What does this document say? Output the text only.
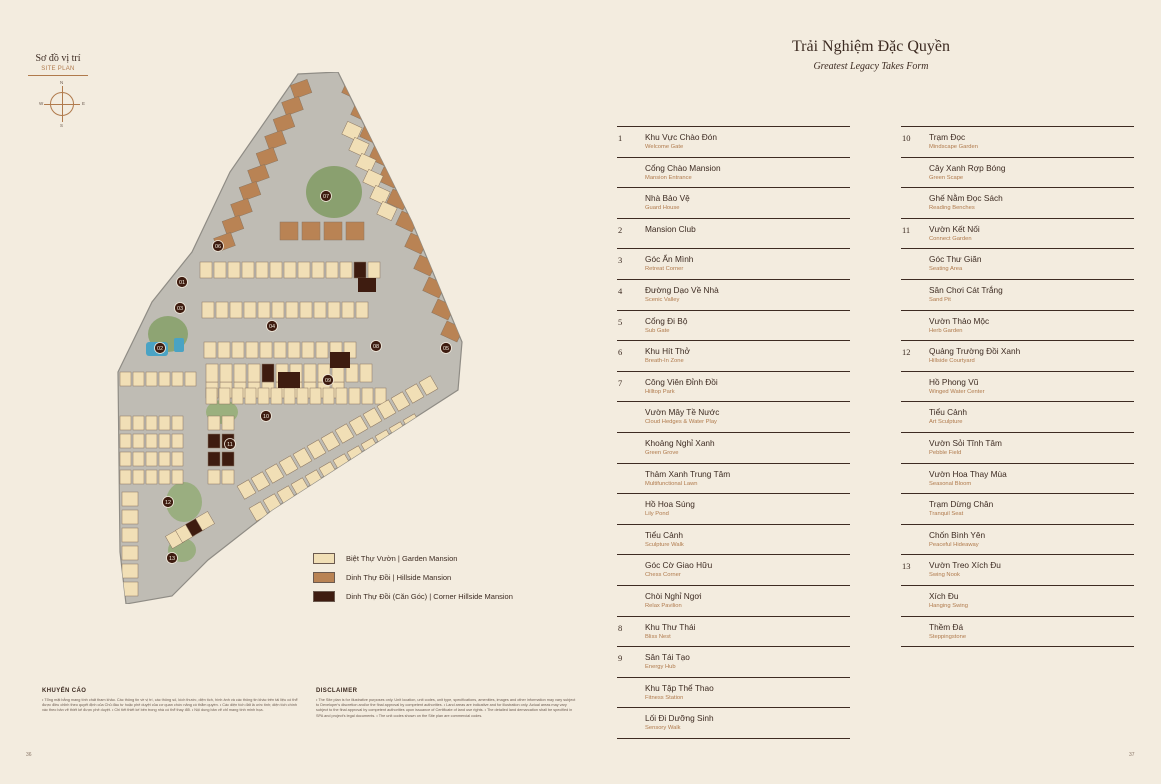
Sơ đồ vị trí
SITE PLAN
N
S
W	E
01
02
03
04
05
06
07
08
09
10
11
12
13	Biệt Thự Vườn | Garden Mansion
Dinh Thự Đồi | Hillside Mansion
Dinh Thự Đồi (Căn Góc) | Corner Hillside Mansion
KHUYẾN CÁO

• Tổng mặt bằng mang tính chất tham khảo. Các thông tin về vị trí, các thông số, kích thước, diện tích, hình ảnh và các thông tin khác trên tài liệu có thể được điều chỉnh theo quyết định của Chủ đầu tư hoặc phê duyệt của cơ quan chức năng có thẩm quyền. • Các diện tích đất là ước tính; diện tích chính xác theo bản vẽ thiết kế được phê duyệt. • Chi tiết thiết kế bên trong nhà có thể thay đổi. • Nội dung bản vẽ chỉ mang tính minh họa.

DISCLAIMER

• The Site plan is for illustrative purposes only. Unit location, unit codes, unit type, specifications, amenities, images and other information may vary subject to Developer's discretion and/or the final approval by competent authorities. • Land areas are indicative and for illustration only. Actual areas may vary subject to the final approval by competent authorities upon issuance of Certificate of land use rights. • The detailed land demarcation shall be specified in SPA and project's legal documents. • The unit codes shown on the Site plan are commercial codes.

36
Trải Nghiệm Đặc Quyền
Greatest Legacy Takes Form
1	Khu Vực Chào Đón
Welcome Gate
Cổng Chào Mansion
Mansion Entrance
Nhà Bảo Vệ
Guard House
2	Mansion Club
3	Góc Ẩn Mình
Retreat Corner
4	Đường Dạo Về Nhà
Scenic Valley
5	Cổng Đi Bộ
Sub Gate
6	Khu Hít Thở
Breath-In Zone
7	Công Viên Đỉnh Đồi
Hilltop Park
Vườn Mây Tề Nước
Cloud Hedges & Water Play
Khoảng Nghỉ Xanh
Green Grove
Thảm Xanh Trung Tâm
Multifunctional Lawn
Hồ Hoa Súng
Lily Pond
Tiểu Cảnh
Sculpture Walk
Góc Cờ Giao Hữu
Chess Corner
Chòi Nghỉ Ngơi
Relax Pavilion
8	Khu Thư Thái
Bliss Nest
9	Sân Tái Tạo
Energy Hub
Khu Tập Thể Thao
Fitness Station
Lối Đi Dưỡng Sinh
Sensory Walk
10	Trạm Đọc
Mindscape Garden
Cây Xanh Rợp Bóng
Green Scape
Ghế Nằm Đọc Sách
Reading Benches
11	Vườn Kết Nối
Connect Garden
Góc Thư Giãn
Seating Area
Sân Chơi Cát Trắng
Sand Pit
Vườn Thảo Mộc
Herb Garden
12	Quảng Trường Đồi Xanh
Hillside Courtyard
Hồ Phong Vũ
Winged Water Center
Tiểu Cảnh
Art Sculpture
Vườn Sỏi Tĩnh Tâm
Pebble Field
Vườn Hoa Thay Mùa
Seasonal Bloom
Trạm Dừng Chân
Tranquil Seat
Chốn Bình Yên
Peaceful Hideaway
13	Vườn Treo Xích Đu
Swing Nook
Xích Đu
Hanging Swing
Thềm Đá
Steppingstone
37
